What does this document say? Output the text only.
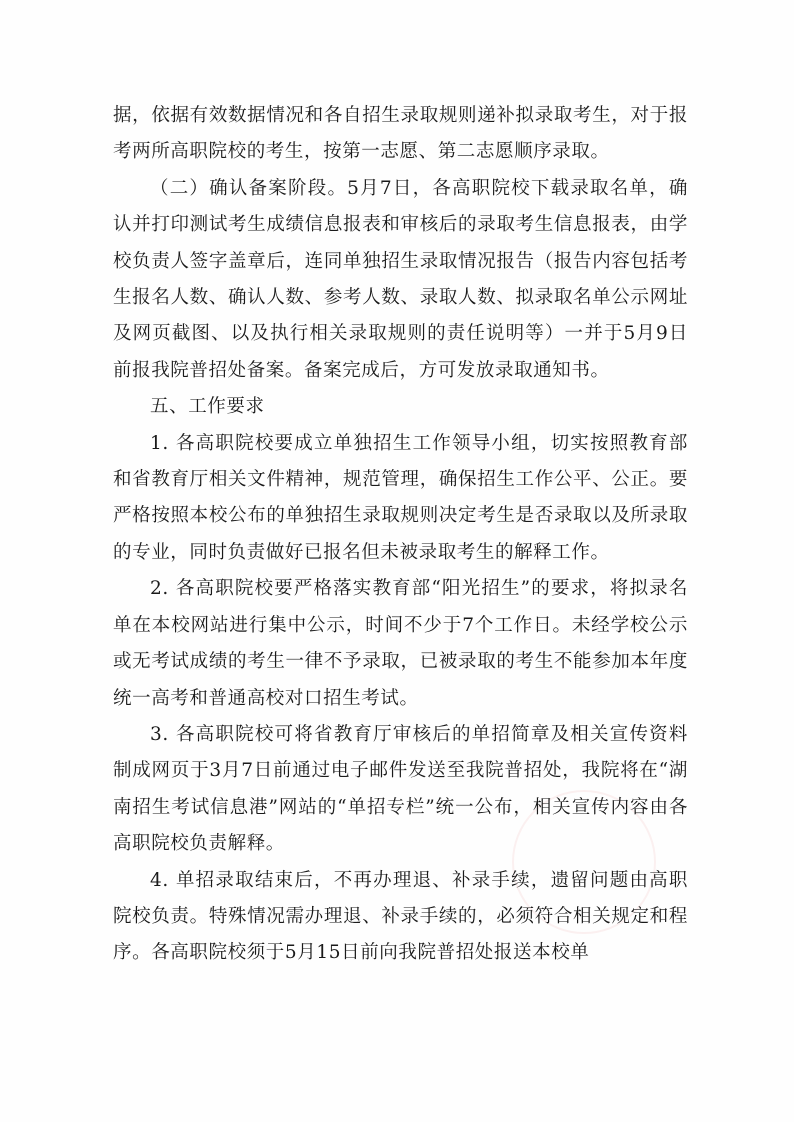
据，依据有效数据情况和各自招生录取规则递补拟录取考生，对于报考两所高职院校的考生，按第一志愿、第二志愿顺序录取。

（二）确认备案阶段。5月7日，各高职院校下载录取名单，确认并打印测试考生成绩信息报表和审核后的录取考生信息报表，由学校负责人签字盖章后，连同单独招生录取情况报告（报告内容包括考生报名人数、确认人数、参考人数、录取人数、拟录取名单公示网址及网页截图、以及执行相关录取规则的责任说明等）一并于5月9日前报我院普招处备案。备案完成后，方可发放录取通知书。

五、工作要求

1. 各高职院校要成立单独招生工作领导小组，切实按照教育部和省教育厅相关文件精神，规范管理，确保招生工作公平、公正。要严格按照本校公布的单独招生录取规则决定考生是否录取以及所录取的专业，同时负责做好已报名但未被录取考生的解释工作。

2. 各高职院校要严格落实教育部“阳光招生”的要求，将拟录名单在本校网站进行集中公示，时间不少于7个工作日。未经学校公示或无考试成绩的考生一律不予录取，已被录取的考生不能参加本年度统一高考和普通高校对口招生考试。

3. 各高职院校可将省教育厅审核后的单招简章及相关宣传资料制成网页于3月7日前通过电子邮件发送至我院普招处，我院将在“湖南招生考试信息港”网站的“单招专栏”统一公布，相关宣传内容由各高职院校负责解释。

4. 单招录取结束后，不再办理退、补录手续，遗留问题由高职院校负责。特殊情况需办理退、补录手续的，必须符合相关规定和程序。各高职院校须于5月15日前向我院普招处报送本校单
